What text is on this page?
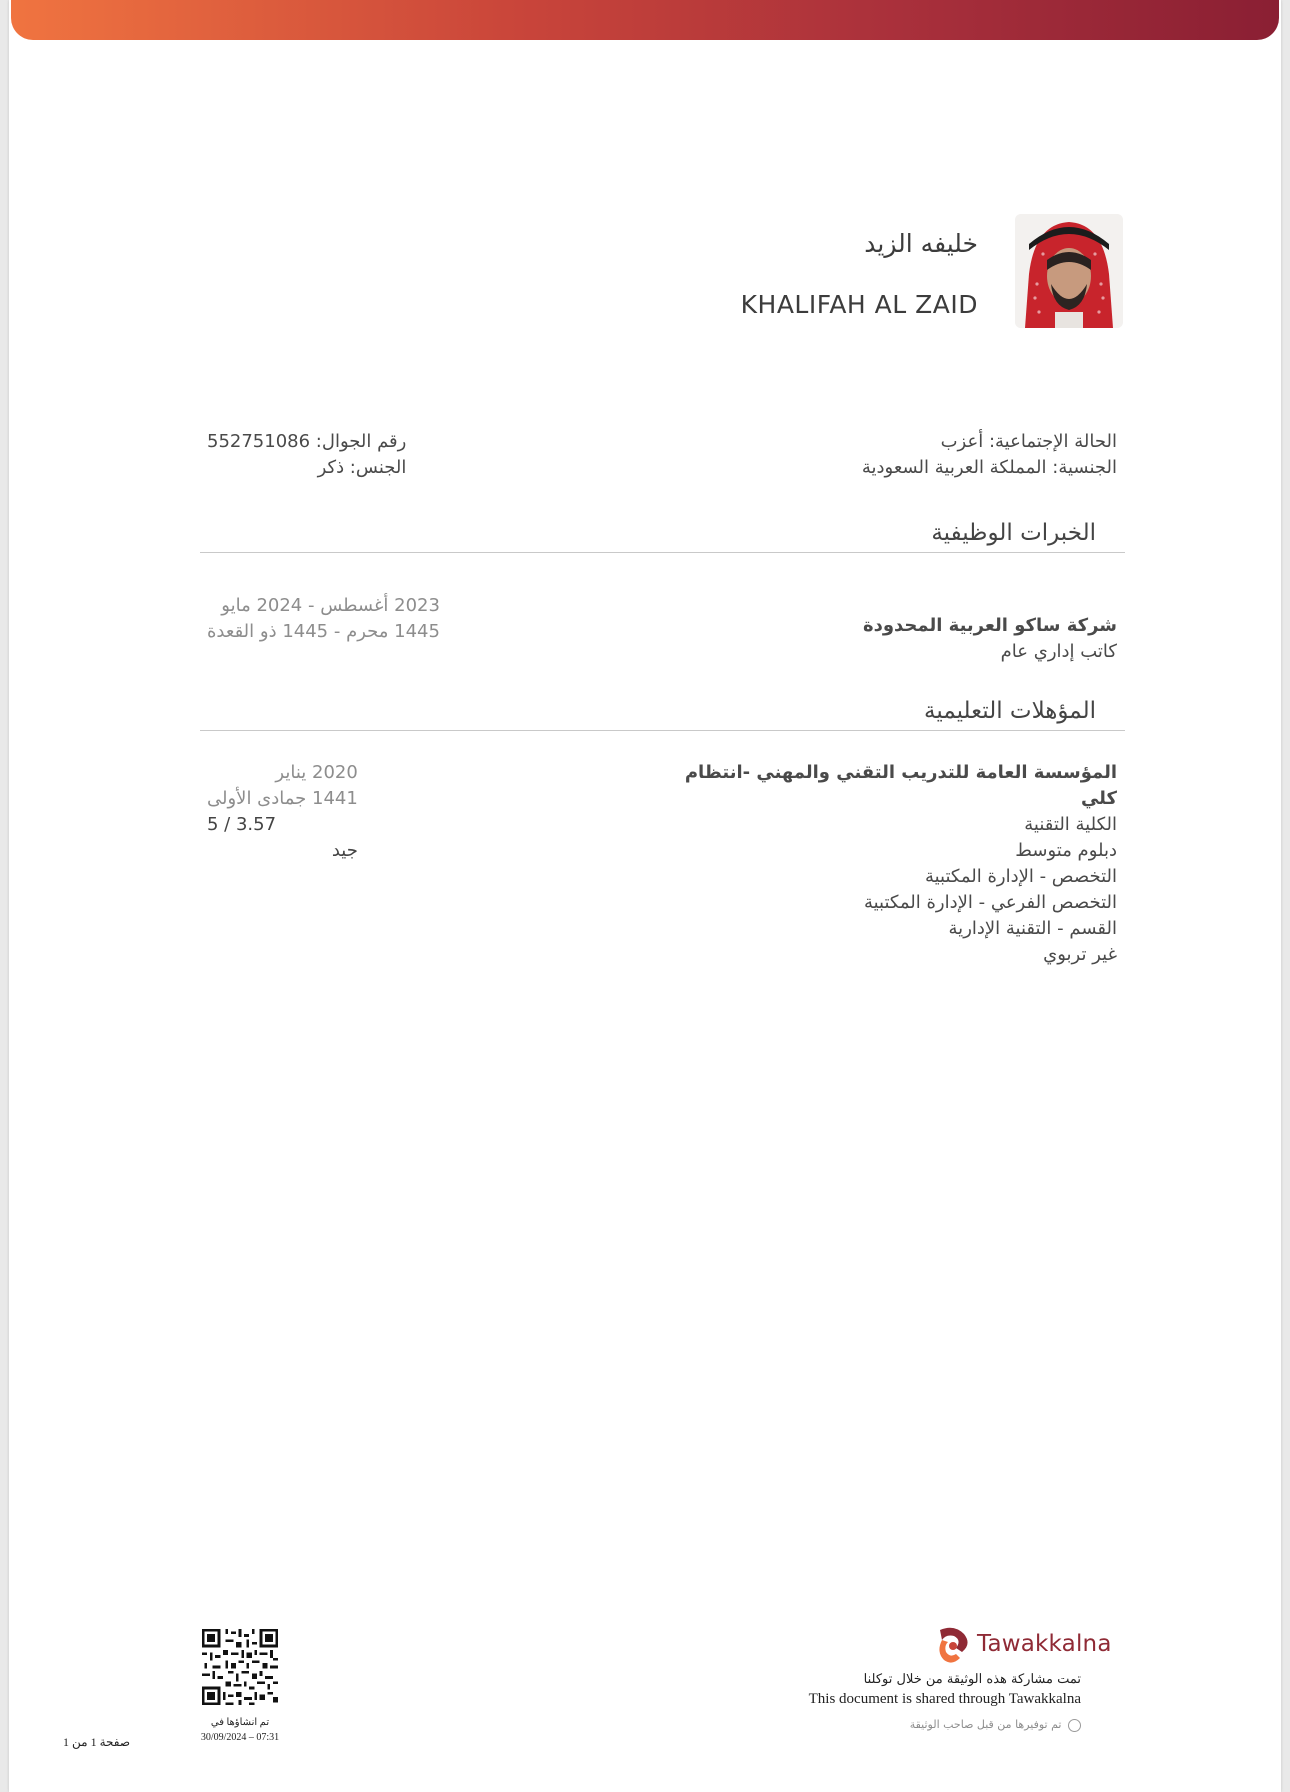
خليفه الزيد
KHALIFAH AL ZAID
الحالة الإجتماعية: أعزب
الجنسية: المملكة العربية السعودية
رقم الجوال: 552751086
الجنس: ذكر
الخبرات الوظيفية
شركة ساكو العربية المحدودة
كاتب إداري عام
2023 أغسطس - 2024 مايو
1445 محرم - 1445 ذو القعدة
المؤهلات التعليمية
المؤسسة العامة للتدريب التقني والمهني -انتظام كلي
الكلية التقنية
دبلوم متوسط
التخصص - الإدارة المكتبية
التخصص الفرعي - الإدارة المكتبية
القسم - التقنية الإدارية
غير تربوي
2020 يناير
1441 جمادى الأولى
5 / 3.57
جيد
Tawakkalna
تمت مشاركة هذه الوثيقة من خلال توكلنا
This document is shared through Tawakkalna
تم توفيرها من قبل صاحب الوثيقة
تم انشاؤها في
30/09/2024 – 07:31
صفحة 1 من 1
